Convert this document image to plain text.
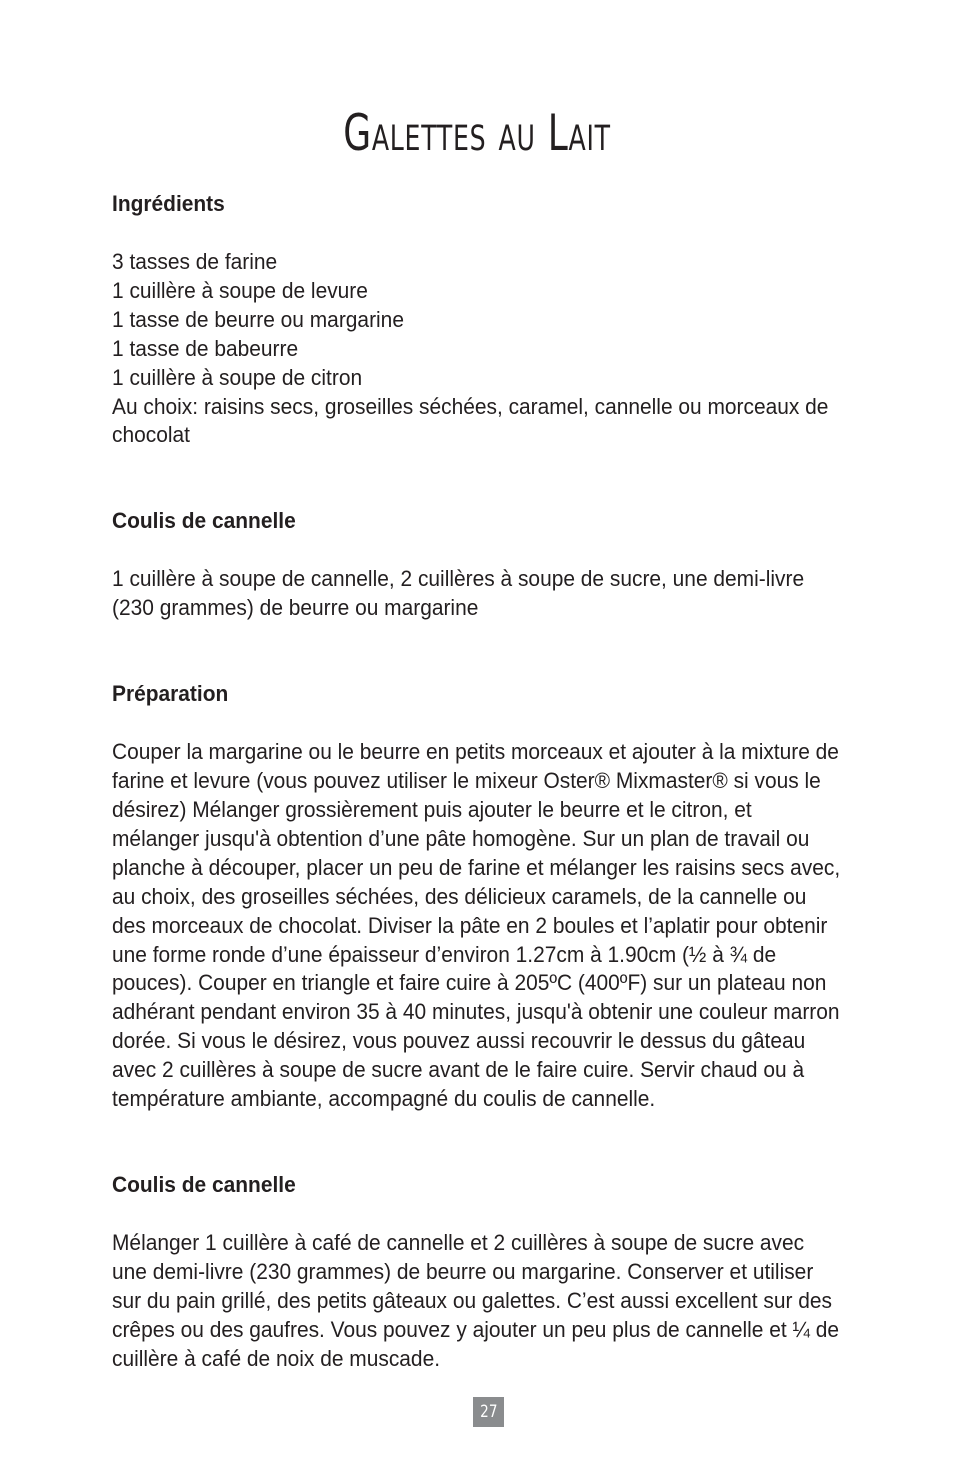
Galettes au Lait

Ingrédients

3 tasses de farine

1 cuillère à soupe de levure

1 tasse de beurre ou margarine

1 tasse de babeurre

1 cuillère à soupe de citron

Au choix: raisins secs, groseilles séchées, caramel, cannelle ou morceaux de

chocolat

Coulis de cannelle

1 cuillère à soupe de cannelle, 2 cuillères à soupe de sucre, une demi-livre

(230 grammes) de beurre ou margarine

Préparation

Couper la margarine ou le beurre en petits morceaux et ajouter à la mixture de

farine et levure (vous pouvez utiliser le mixeur Oster® Mixmaster® si vous le

désirez) Mélanger grossièrement puis ajouter le beurre et le citron, et

mélanger jusqu'à obtention d’une pâte homogène. Sur un plan de travail ou

planche à découper, placer un peu de farine et mélanger les raisins secs avec,

au choix, des groseilles séchées, des délicieux caramels, de la cannelle ou

des morceaux de chocolat. Diviser la pâte en 2 boules et l’aplatir pour obtenir

une forme ronde d’une épaisseur d’environ 1.27cm à 1.90cm (½ à ¾ de

pouces). Couper en triangle et faire cuire à 205ºC (400ºF) sur un plateau non

adhérant pendant environ 35 à 40 minutes, jusqu'à obtenir une couleur marron

dorée. Si vous le désirez, vous pouvez aussi recouvrir le dessus du gâteau

avec 2 cuillères à soupe de sucre avant de le faire cuire. Servir chaud ou à

température ambiante, accompagné du coulis de cannelle.

Coulis de cannelle

Mélanger 1 cuillère à café de cannelle et 2 cuillères à soupe de sucre avec

une demi-livre (230 grammes) de beurre ou margarine. Conserver et utiliser

sur du pain grillé, des petits gâteaux ou galettes. C’est aussi excellent sur des

crêpes ou des gaufres. Vous pouvez y ajouter un peu plus de cannelle et ¼ de

cuillère à café de noix de muscade.

27
